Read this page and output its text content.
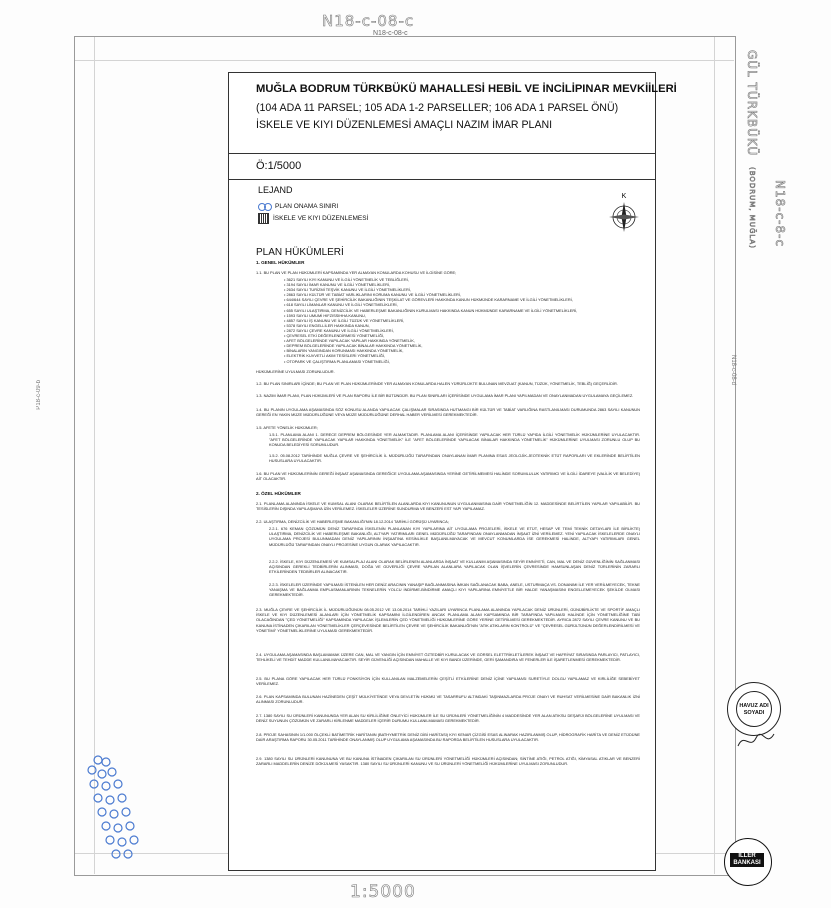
N18-c-08-c
N18-c-08-c
1:5000
GÜL TÜRKBÜKÜ (BODRUM, MUĞLA) N18-c-8-c
N18-c-08-d
P18-c-09-b
MUĞLA BODRUM TÜRKBÜKÜ MAHALLESİ HEBİL VE İNCİLİPINAR MEVKİİLERİ
(104 ADA 11 PARSEL; 105 ADA 1-2 PARSELLER; 106 ADA 1 PARSEL ÖNÜ)
İSKELE VE KIYI DÜZENLEMESİ AMAÇLI NAZIM İMAR PLANI
Ö:1/5000
LEJAND
PLAN ONAMA SINIRI
İSKELE VE KIYI DÜZENLEMESİ
K
PLAN HÜKÜMLERİ
1. GENEL HÜKÜMLER
1.1. BU PLAN VE PLAN HÜKÜMLERİ KAPSAMINDA YER ALMAYAN KONULARDA KOHUSU VE İLGİSİNE GÖRE;
• 3621 SAYILI KIYI KANUNU VE İLGİLİ YÖNETMELİK VE TEBLİĞLERİ,
• 3194 SAYILI İMAR KANUNU VE İLGİLİ YÖNETMELİKLERİ,
• 2634 SAYILI TURİZMİ TEŞVİK KANUNU VE İLGİLİ YÖNETMELİKLERİ,
• 2863 SAYILI KÜLTÜR VE TABİAT VARLIKLARINI KORUMA KANUNU VE İLGİLİ YÖNETMELİKLERİ,
• 644/644 SAYILI ÇEVRE VE ŞEHİRCİLİK BAKANLIĞININ TEŞKİLAT VE GÖREVLERİ HAKKINDA KANUN HÜKMÜNDE KARARNAME VE İLGİLİ YÖNETMELİKLERİ,
• 618 SAYILI LİMANLAR KANUNU VE İLGİLİ YÖNETMELİKLERİ,
• 655 SAYILI ULAŞTIRMA, DENİZCİLİK VE HABERLEŞME BAKANLIĞININ KURULMASI HAKKINDA KANUN HÜKMÜNDE KARARNAME VE İLGİLİ YÖNETMELİKLERİ,
• 1593 SAYILI UMUMİ HIFZISSIHHA KANUNU,
• 4857 SAYILI İŞ KANUNU VE İLGİLİ TÜZÜK VE YÖNETMELİKLERİ,
• 5378 SAYILI ENGELLİLER HAKKINDA KANUN,
• 2872 SAYILI ÇEVRE KANUNU VE İLGİLİ YÖNETMELİKLERİ,
• ÇEVRESEL ETKİ DEĞERLENDİRMESİ YÖNETMELİĞİ,
• AFET BÖLGELERİNDE YAPILACAK YAPILAR HAKKINDA YÖNETMELİK,
• DEPREM BÖLGELERİNDE YAPILACAK BİNALAR HAKKINDA YÖNETMELİK,
• BİNALARIN YANGINDAN KORUNMASI HAKKINDA YÖNETMELİK,
• ELEKTRİK KUVVETLİ AKIM TESİSLERİ YÖNETMELİĞİ,
• OTOPARK VE ÇALIŞTIRMA PLANLAMASI YÖNETMELİĞİ,
HÜKÜMLERİNE UYULMASI ZORUNLUDUR.
1.2. BU PLAN SINIRLARI İÇİNDE; BU PLAN VE PLAN HÜKÜMLERİNDE YER ALMAYAN KONULARDA HALEN YÜRÜRLÜKTE BULUNAN MEVZUAT (KANUN, TÜZÜK, YÖNETMELİK, TEBLİĞ) GEÇERLİDİR.
1.3. NAZIM İMAR PLANI, PLAN HÜKÜMLERİ VE PLAN RAPORU İLE BİR BÜTÜNDÜR. BU PLAN SINIRLARI İÇERİSİNDE UYGULAMA İMAR PLANI YAPILMADAN VE ONAYLANMADAN UYGULAMAYA GEÇİLEMEZ.
1.4. BU PLANIN UYGULAMA AŞAMASINDA SÖZ KONUSU ALANDA YAPILACAK ÇALIŞMALAR SIRASINDA HUTMANGI BİR KÜLTÜR VE TABİAT VARLIĞINA RASTLANILMASI DURUMUNDA 2863 SAYILI KANUNUN GEREĞİ EN YAKIN MÜZE MÜDÜRLÜĞÜNE VEYA MÜZE MÜDÜRLÜĞÜNE DERHAL HABER VERİLMESİ GEREKMEKTEDİR.
1.5. AFETE YÖNELİK HÜKÜMLER;
1.5.1. PLANLAMA ALANI 1. DERECE DEPREM BÖLGESİNDE YER ALMAKTADIR. PLANLAMA ALANI İÇERİSİNDE YAPILACAK HER TÜRLÜ YAPIDA İLGİLİ YÖNETMELİK HÜKÜMLERİNE UYULACAKTIR. "AFET BÖLGELERİNDE YAPILACAK YAPILAR HAKKINDA YÖNETMELİK" İLE "AFET BÖLGELERİNDE YAPILACAK BİNALAR HAKKINDA YÖNETMELİK" HÜKÜMLERİNE UYULMASI ZORUNLU OLUP BU KONUDA BELEDİYESİ SORUMLUDUR.
1.5.2. 05.08.2012 TARİHİNDE MUĞLA ÇEVRE VE ŞEHİRCİLİK İL MÜDÜRLÜĞÜ TARAFINDAN ONAYLANAN İMAR PLANINA ESAS JEOLOJİK-JEOTEKNİK ETÜT RAPORLARI VE EKLERİNDE BELİRTİLEN HUSUSLARA UYULACAKTIR.
1.6. BU PLAN VE HÜKÜMLERİNİN GEREĞİ İNŞAAT AŞAMASINDA GEREĞİCE UYGULAMA AŞAMASINDA YERİNE GETİRİLMEMESİ HALİNDE SORUMLULUK YATIRIMCI VE İLGİLİ İDAREYE (VALİLİK VE BELEDİYE) AİT OLACAKTIR.
2. ÖZEL HÜKÜMLER
2.1. PLANLAMA ALANINDA İSKELE VE KUMSAL ALANI OLARAK BELİRTİLEN ALANLARDA KIYI KANUNUNUN UYGULANMASINA DAİR YÖNETMELİĞİN 12. MADDESİNDE BELİRTİLEN YAPILAR YAPILABİLİR. BU TESİSLERİN DIŞINDA YAPILAŞMAYA İZİN VERİLEMEZ. İSKELELER ÜZERİNE SUNDURMA VE BENZERİ EST YAPI YAPILAMAZ.
2.2. ULAŞTIRMA, DENİZCİLİK VE HABERLEŞME BAKANLIĞI'NIN 18.12.2014 TARİHLİ GÖRÜŞÜ UYARINCA;
2.2.1. 676 KEMAN ÇÖZÜMÜN DENİZ TARAFINDA İSKELENİN PLANLANAN KIYI YAPILARINA AİT UYGULAMA PROJELERİ, İSKELE VE ETÜT, HESAP VE TEMİ TEKNİK DETAYLARI İLE BİRLİKTE) ULAŞTIRMA, DENİZCİLİK VE HABERLEŞME BAKANLIĞI, ALTYAPI YATIRIMLARI GENEL MÜDÜRLÜĞÜ TARAFINDAN ONAYLANMADAN İNŞAAT İZNİ VERİLEMEZ. YENİ YAPILACAK İSKELELERDE ONAYLI UYGULAMA PROJESİ BULUNMADAN DENİZ YAPILARININ İNŞAATINA KESİNLİKLE BAŞLANILMAYACAK VE MEVCUT KONUMLARDA İSE GEREKMESİ HALİNDE, ALTYAPI YATIRIMLARI GENEL MÜDÜRLÜĞÜ TARAFINDAN ONAYLI PROJESİNE UYGUN OLARAK YAPILACAKTIR.
2.2.2. İSKELE, KIYI DÜZENLEMESİ VE KUMSALPLAJ ALANI OLARAK BELİRLENEN ALANLARDA İNŞAAT VE KULLANIM AŞAMASINDA SEYİR EMNİYETİ, CAN, MAL VE DENİZ GÜVENLİĞİNİN SAĞLANMASI AÇISINDAN GEREKLİ TEDBİRLERİN ALINMASI, DOĞA VE GÜVERLİĞİ ÇEVRE YAPILAN ALANLARA YAPILACAK OLAN İŞVELERİN ÇEVRESİNDE HAMSUNLAŞAN DENİZ TÜRLERİNİN ZARARLI ETKİLERİNDEN TEDBİRLER ALINACAKTIR.
2.2.3. İSKELELER ÜZERİNDE YAPILMASI İSTENİLEN HER DENİZ ARACININ YANAŞIP BAĞLANMASINA İMKAN SAĞLANACAK BABA, ANELE, USTURMAÇA VS. DONANIMI İLE YER VERİLMEYECEK, TEKNE YANAŞMA VE BAĞLANMA EMPLASMANLARININ TEKNELERİN YOLCU İNDİRME-BİNDİRME AMAÇLI KIYI YAPILARINA EMNİYETLE BİR HALDE YANAŞMASINI ENGELLEMEYECEK ŞEKİLDE OLMASI GEREKMEKTEDİR.
2.3. MUĞLA ÇEVRE VE ŞEHİRCİLİK İL MÜDÜRLÜĞÜNÜN 08.05.2012 VE 13.08.2014 TARİHLİ YAZILARI UYARINCA PLANLAMA ALANINDA YAPILACAK DENİZ ÜRÜNLERİ, GÜNÜBİRLİKTE VE SPORTİF AMAÇLI İSKELE VE KIYI DÜZENLEMESİ ALANLARI İÇİN YÖNETMELİK KAPSAMINI İLGİLENDİREN ANCAK PLANLAMA ALANI KAPSAMINDA BİR TARAFINDA YAPILMASI HALİNDE İÇİN YÖNETMELİĞİNE TABİ OLACAĞINDAN "ÇED YÖNETMELİĞİ" KAPSAMINDA YAPILACAK İŞLEMLERİN ÇED YÖNETMELİĞİ HÜKÜMLERİNE GÖRE YERİNE GETİRİLMESİ GEREKMEKTEDİR. AYRICA 2872 SAYILI ÇEVRE KANUNU VE BU KANUNA İSTİNADEN ÇIKARILAN YÖNETMELİKLER ÇERÇEVESİNDE BELİRTİLEN ÇEVRE VE ŞEHİRCİLİK BAKANLIĞI'NIN "ATIK ATIKLARIN KONTROLÜ" VE "ÇEVRESEL GÜRÜLTÜNÜN DEĞERLENDİRİLMESİ VE YÖNETİMİ" YÖNETMELİKLERİNE UYULMASI GEREKMEKTEDİR.
2.4. UYGULAMA AŞAMASINDA BAŞLAMAMAK ÜZERE CAN, MAL VE YANGIN İÇİN EMNİYET ÖZTEDBİR KURULACAK VE GÖRSEL ELETTRİKLETİLEREK İNŞAAT VE HAFRİYAT SIRASINDA PARLAYICI, PATLAYICI, TEHLİKELİ VE TEHDİT MADDE KULLANILMAYACAKTIR. SEYİR GÜVENLİĞİ AÇISINDAN MAHALLE VE KIYI BANDI ÜZERİNDE, GERİ ŞAMANDIRA VE FENERLER İLE İŞARETLENMESİ GEREKMEKTEDİR.
2.5. BU PLANA GÖRE YAPILACAK HER TÜRLÜ FONKSİYON İÇİN KULLANILAN MALZEMELERİN ÇEŞİTLİ ETKİLERİNE DENİZ İÇİNE YAPILMASI SURETİYLE DOLGU YAPILAMAZ VE KIRLİLİĞE SEBEBİYET VERİLEMEZ.
2.6. PLAN KAPSAMINDA BULUNAN HAZİNEDEN ÇEŞİT MÜLKİYETİNDE VEYA DEVLETİN HÜKMÜ VE TASARRUFU ALTINDAKİ TAŞINMAZLARDA PROJE ONAYI VE RUHSAT VERİLMESİNE DAİR BAKANLIK İZNİ ALINMASI ZORUNLUDUR.
2.7. 1380 SAYILI SU ÜRÜNLERİ KANUNUNDA YER ALAN SU KİRLİLİĞİNE ÖNLEYİCİ HÜKÜMLER İLE SU ÜRÜNLERİ YÖNETMELİĞİNİN 4 MADDESİNDE YER ALAN ATIKSU DEŞARJI BÖLGELERİNE UYULMASI VE DENİZ SUYUNUN ÇÖZÜMÜN VE ZARARLI KİRLENME MADDELER İÇERİR DURUMU KULLANILMAMASI GEREKMEKTEDİR.
2.8. PROJE SAHASININ 1/1.000 ÖLÇEKLİ BATİMETRİK HARİTANIN (BATHYMETRİK DENİZ DİBİ HARİTASI) KIYI KENAR ÇİZGİSİ ESAS ALINARAK HAZIRLANMIŞ OLUP, HİDROGRAFİK HARİTA VE DENİZ ETÜDÜNE DAİR ARAŞTIRMA RAPORU 30.05.2011 TARİHİNDE ONAYLANMIŞ OLUP UYGULAMA AŞAMASINDA BU RAPORDA BELİRTİLEN HUSUSLARA UYULACAKTIR.
2.9. 1380 SAYILI SU ÜRÜNLERİ KANUNUNA VE BU KANUNA İSTİNADEN ÇIKARILAN SU ÜRÜNLERİ YÖNETMELİĞİ HÜKÜMLERİ AÇISINDAN; SİNTİNE ATIĞI, PETROL ATIĞI, KİMYASAL ATIKLAR VE BENZERİ ZARARLI MADDELERİN DENİZE DÖKÜLMESİ YASAKTIR. 1380 SAYILI SU ÜRÜNLERİ KANUNU VE SU ÜRÜNLERİ YÖNETMELİĞİ HÜKÜMLERİNE UYULMASI ZORUNLUDUR.
HAVUZ ADI SOYADI
İLLER BANKASI
